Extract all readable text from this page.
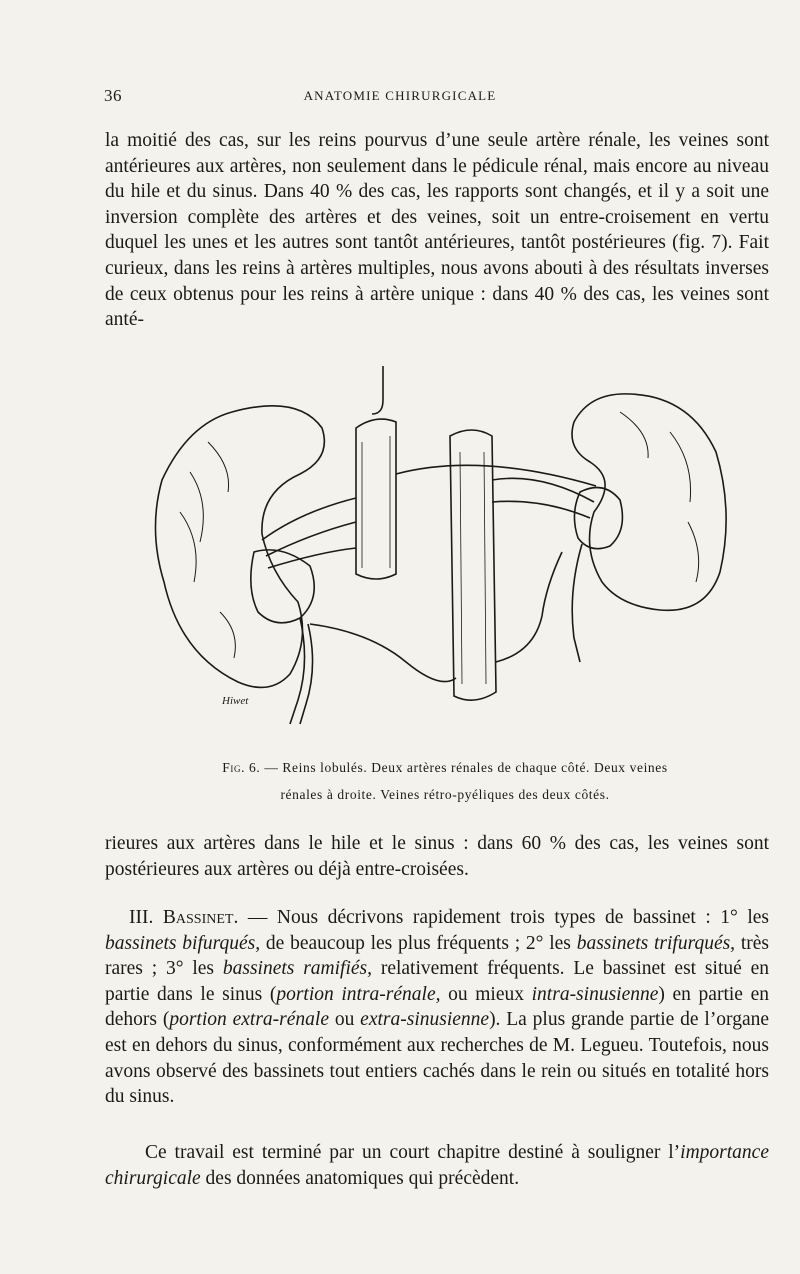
36	ANATOMIE CHIRURGICALE

la moitié des cas, sur les reins pourvus d’une seule artère rénale, les veines sont antérieures aux artères, non seulement dans le pédicule rénal, mais encore au niveau du hile et du sinus. Dans 40 % des cas, les rapports sont changés, et il y a soit une inversion complète des artères et des veines, soit un entre-croisement en vertu duquel les unes et les autres sont tantôt antérieures, tantôt postérieures (fig. 7). Fait curieux, dans les reins à artères multiples, nous avons abouti à des résultats inverses de ceux obtenus pour les reins à artère unique : dans 40 % des cas, les veines sont anté-

Hiwet
Fig. 6. — Reins lobulés. Deux artères rénales de chaque côté. Deux veines
rénales à droite. Veines rétro-pyéliques des deux côtés.

rieures aux artères dans le hile et le sinus : dans 60 % des cas, les veines sont postérieures aux artères ou déjà entre-croisées.

III. Bassinet. — Nous décrivons rapidement trois types de bassinet : 1° les bassinets bifurqués, de beaucoup les plus fréquents ; 2° les bassinets trifurqués, très rares ; 3° les bassinets ramifiés, relativement fréquents. Le bassinet est situé en partie dans le sinus (portion intra-rénale, ou mieux intra-sinusienne) en partie en dehors (portion extra-rénale ou extra-sinusienne). La plus grande partie de l’organe est en dehors du sinus, conformément aux recherches de M. Legueu. Toutefois, nous avons observé des bassinets tout entiers cachés dans le rein ou situés en totalité hors du sinus.

Ce travail est terminé par un court chapitre destiné à souligner l’importance chirurgicale des données anatomiques qui précèdent.
